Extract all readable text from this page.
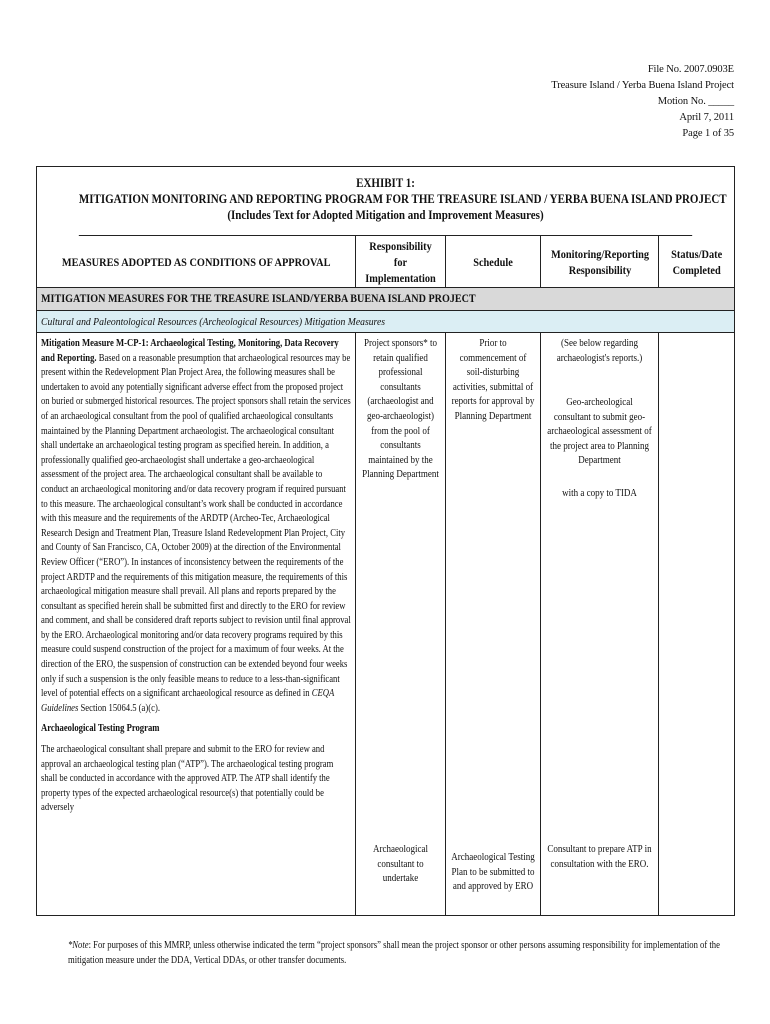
File No. 2007.0903E
Treasure Island / Yerba Buena Island Project
Motion No. _____
April 7, 2011
Page 1 of 35
EXHIBIT 1:
MITIGATION MONITORING AND REPORTING PROGRAM FOR THE TREASURE ISLAND / YERBA BUENA ISLAND PROJECT
(Includes Text for Adopted Mitigation and Improvement Measures)
MEASURES ADOPTED AS CONDITIONS OF APPROVAL
Responsibility for
Implementation
Schedule
Monitoring/Reporting
Responsibility
Status/Date
Completed
MITIGATION MEASURES FOR THE TREASURE ISLAND/YERBA BUENA ISLAND PROJECT
Cultural and Paleontological Resources (Archeological Resources) Mitigation Measures

Mitigation Measure M-CP-1: Archaeological Testing, Monitoring, Data Recovery and Reporting. Based on a reasonable presumption that archaeological resources may be present within the Redevelopment Plan Project Area, the following measures shall be undertaken to avoid any potentially significant adverse effect from the proposed project on buried or submerged historical resources. The project sponsors shall retain the services of an archaeological consultant from the pool of qualified archaeological consultants maintained by the Planning Department archaeologist. The archaeological consultant shall undertake an archaeological testing program as specified herein. In addition, a professionally qualified geo-archaeologist shall undertake a geo-archaeological assessment of the project area. The archaeological consultant shall be available to conduct an archaeological monitoring and/or data recovery program if required pursuant to this measure. The archaeological consultant’s work shall be conducted in accordance with this measure and the requirements of the ARDTP (Archeo-Tec, Archaeological Research Design and Treatment Plan, Treasure Island Redevelopment Plan Project, City and County of San Francisco, CA, October 2009) at the direction of the Environmental Review Officer (“ERO”). In instances of inconsistency between the requirements of the project ARDTP and the requirements of this mitigation measure, the requirements of this archaeological mitigation measure shall prevail. All plans and reports prepared by the consultant as specified herein shall be submitted first and directly to the ERO for review and comment, and shall be considered draft reports subject to revision until final approval by the ERO. Archaeological monitoring and/or data recovery programs required by this measure could suspend construction of the project for a maximum of four weeks. At the direction of the ERO, the suspension of construction can be extended beyond four weeks only if such a suspension is the only feasible means to reduce to a less-than-significant level of potential effects on a significant archaeological resource as defined in CEQA Guidelines Section 15064.5 (a)(c).

Archaeological Testing Program

The archaeological consultant shall prepare and submit to the ERO for review and approval an archaeological testing plan (“ATP”). The archaeological testing program shall be conducted in accordance with the approved ATP. The ATP shall identify the property types of the expected archaeological resource(s) that potentially could be adversely

Project sponsors* to retain qualified professional consultants (archaeologist and geo-archaeologist) from the pool of consultants maintained by the Planning Department
Archaeological consultant to undertake
Prior to commencement of soil-disturbing activities, submittal of reports for approval by Planning Department
Archaeological Testing Plan to be submitted to and approved by ERO
(See below regarding archaeologist's reports.)
Geo-archeological consultant to submit geo-archaeological assessment of the project area to Planning Department
with a copy to TIDA
Consultant to prepare ATP in consultation with the ERO.
*Note: For purposes of this MMRP, unless otherwise indicated the term “project sponsors” shall mean the project sponsor or other persons assuming responsibility for implementation of the mitigation measure under the DDA, Vertical DDAs, or other transfer documents.
